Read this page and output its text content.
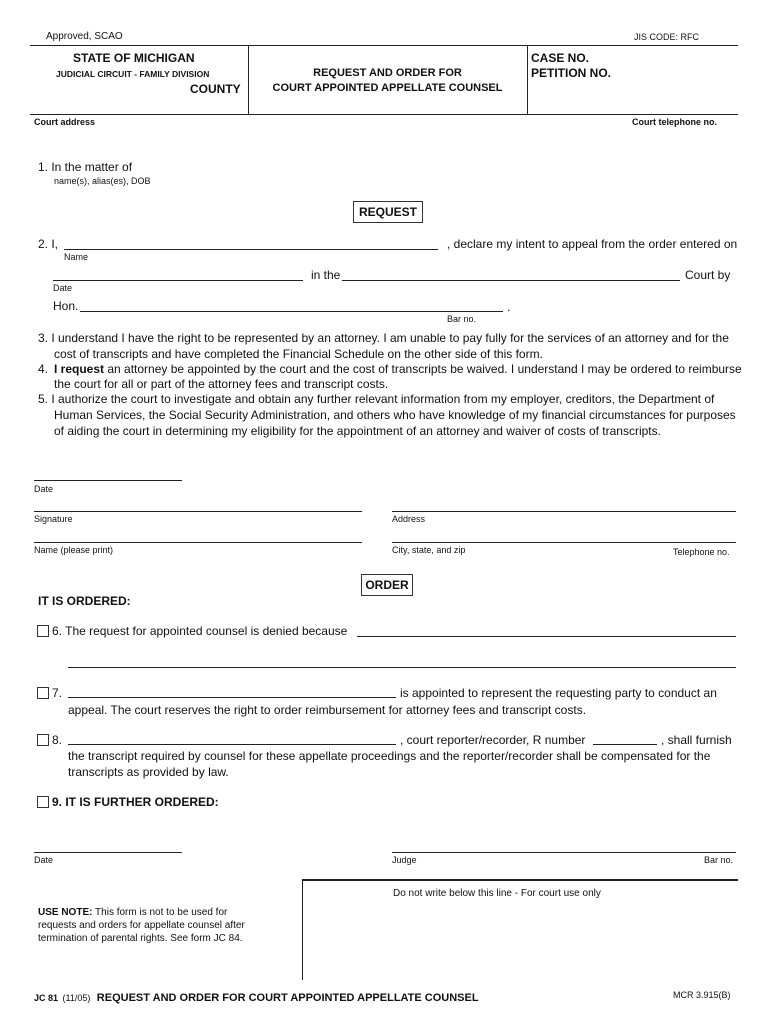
Approved, SCAO	JIS CODE: RFC
STATE OF MICHIGAN
JUDICIAL CIRCUIT - FAMILY DIVISION
COUNTY
REQUEST AND ORDER FOR
COURT APPOINTED APPELLATE COUNSEL
CASE NO.
PETITION NO.
Court address	Court telephone no.
1. In the matter of
name(s), alias(es), DOB
REQUEST
2. I,	, declare my intent to appeal from the order entered on
Name
in the	Court by
Date
Hon.	.
Bar no.
3. I understand I have the right to be represented by an attorney. I am unable to pay fully for the services of an attorney and for the
cost of transcripts and have completed the Financial Schedule on the other side of this form.
4. I request an attorney be appointed by the court and the cost of transcripts be waived. I understand I may be ordered to reimburse
the court for all or part of the attorney fees and transcript costs.
5. I authorize the court to investigate and obtain any further relevant information from my employer, creditors, the Department of
Human Services, the Social Security Administration, and others who have knowledge of my financial circumstances for purposes
of aiding the court in determining my eligibility for the appointment of an attorney and waiver of costs of transcripts.
Date
Signature	Address
Name (please print)	City, state, and zip	Telephone no.
ORDER
IT IS ORDERED:
6. The request for appointed counsel is denied because
7.	is appointed to represent the requesting party to conduct an
appeal. The court reserves the right to order reimbursement for attorney fees and transcript costs.
8.	, court reporter/recorder, R number	, shall furnish
the transcript required by counsel for these appellate proceedings and the reporter/recorder shall be compensated for the
transcripts as provided by law.
9. IT IS FURTHER ORDERED:
Date	Judge	Bar no.
Do not write below this line - For court use only
USE NOTE: This form is not to be used for
requests and orders for appellate counsel after
termination of parental rights. See form JC 84.
JC 81 (11/05) REQUEST AND ORDER FOR COURT APPOINTED APPELLATE COUNSEL	MCR 3.915(B)
